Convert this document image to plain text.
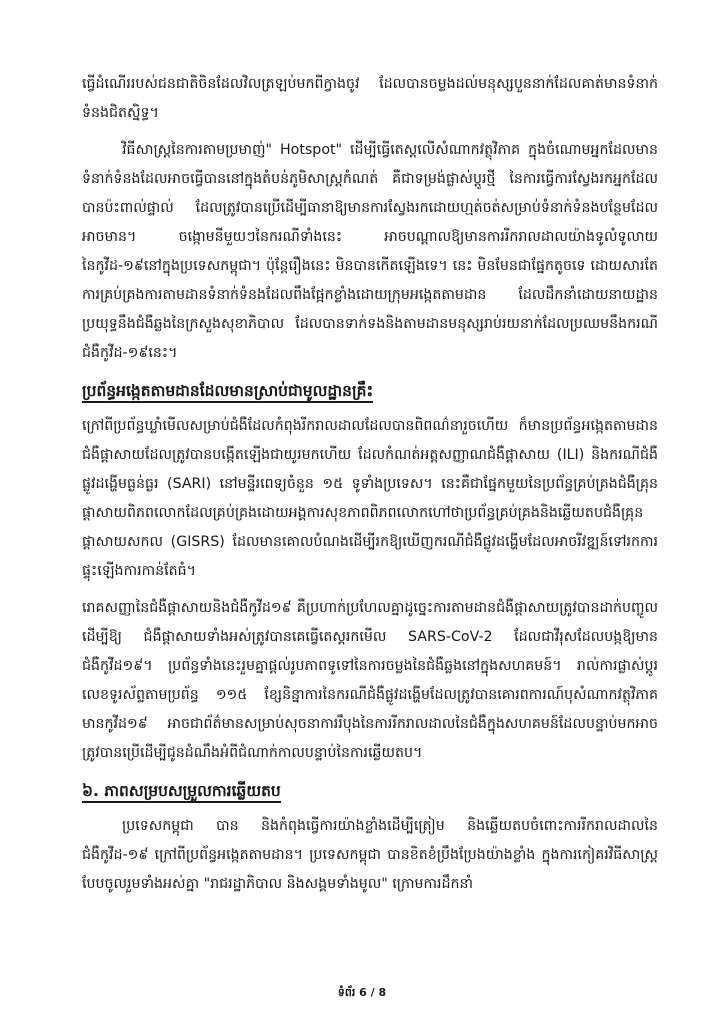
ធ្វើដំណើររបស់ជនជាតិចិនដែលវិលត្រឡប់មកពីក្វាងចូវ ដែលបានចម្លងដល់មនុស្សបួននាក់ដែលគាត់មានទំនាក់ទំនងជិតស្និទ្ធ។

វិធីសាស្ត្រនៃការតាមប្រមាញ់" Hotspot" ដើម្បីធ្វើតេស្តលើសំណាកវត្ថុវិភាគ ក្នុងចំណោមអ្នកដែលមានទំនាក់ទំនងដែលអាចធ្វើបាននៅក្នុងតំបន់ភូមិសាស្ត្រកំណត់ គឺជាទម្រង់ផ្លាស់ប្តូរថ្មី នៃការធ្វើការស្វែងរកអ្នកដែលបានប៉ះពាល់ផ្ទាល់ ដែលត្រូវបានប្រើដើម្បីធានាឱ្យមានការស្វែងរកដោយហ្មត់ចត់សម្រាប់ទំនាក់ទំនងបន្ថែមដែលអាចមាន។ ចង្កោមនីមួយៗនៃករណីទាំងនេះ អាចបណ្តាលឱ្យមានការរីករាលដាលយ៉ាងទូលំទូលាយនៃកូវីដ-១៩នៅក្នុងប្រទេសកម្ពុជា។ ប៉ុន្តែរឿងនេះ មិនបានកើតឡើងទេ។ នេះ មិនមែនជាផ្នែកតូចទេ ដោយសារតែការគ្រប់គ្រងការតាមដានទំនាក់ទំនងដែលពឹងផ្អែកខ្លាំងដោយក្រុមអង្កេតតាមដាន ដែលដឹកនាំដោយនាយដ្ឋានប្រយុទ្ធនឹងជំងឺឆ្លងនៃក្រសួងសុខាភិបាល ដែលបានទាក់ទងនិងតាមដានមនុស្សរាប់រយនាក់ដែលប្រឈមនឹងករណីជំងឺកូវីដ-១៩នេះ។

ប្រព័ន្ធអង្កេតតាមដានដែលមានស្រាប់ជាមូលដ្ឋានគ្រឹះ

ក្រៅពីប្រព័ន្ធឃ្លាំមើលសម្រាប់ជំងឺដែលកំពុងរីករាលដាលដែលបានពិពណ៌នារួចហើយ ក៏មានប្រព័ន្ធអង្កេតតាមដានជំងឺផ្តាសាយដែលត្រូវបានបង្កើតឡើងជាយូរមកហើយ ដែលកំណត់អត្តសញ្ញាណជំងឺផ្តាសាយ (ILI) និងករណីជំងឺផ្លូវដង្ហើមធ្ងន់ធ្ងរ (SARI) នៅមន្ទីរពេទ្យចំនួន ១៥ ទូទាំងប្រទេស។ នេះគឺជាផ្នែកមួយនៃប្រព័ន្ធគ្រប់គ្រងជំងឺគ្រុនផ្តាសាយពិភពលោកដែលគ្រប់គ្រងដោយអង្គការសុខភាពពិភពលោកហៅថាប្រព័ន្ធគ្រប់គ្រងនិងឆ្លើយតបជំងឺគ្រុនផ្តាសាយសកល (GISRS) ដែលមានគោលបំណងដើម្បីរកឱ្យឃើញករណីជំងឺផ្លូវដង្ហើមដែលអាចរីវឌ្ឍន៍ទៅរកការផ្ទុះឡើងការកាន់តែធំ។

រោគសញ្ញានៃជំងឺផ្តាសាយនិងជំងឺកូវីដ១៩ គឺប្រហាក់ប្រហែលគ្នាដូច្នេះការតាមដានជំងឺផ្តាសាយត្រូវបានដាក់បញ្ចូលដើម្បីឱ្យ ជំងឺផ្តាសាយទាំងអស់ត្រូវបានគេធ្វើតេស្តរកមើល SARS-CoV-2 ដែលជាវីរុសដែលបង្កឱ្យមានជំងឺកូវីដ១៩។ ប្រព័ន្ធទាំងនេះរួមគ្នាផ្តល់រូបភាពទូទៅនៃការចម្លងនៃជំងឺឆ្លងនៅក្នុងសហគមន៍។ រាល់ការផ្លាស់ប្តូរលេខទូរស័ព្ទតាមប្រព័ន្ធ ១១៥ ខ្សែនិន្នាការនៃករណីជំងឺផ្លូវដង្ហើមដែលត្រូវបានគោរពការណ៍បុសំណាកវត្ថុវិភាគមានកូវីដ១៩ អាចជាព័ត៌មានសម្រាប់សុចនាការរឹបុងនៃការរីករាលដាលនៃជំងឺក្នុងសហគមន៍ដែលបន្ទាប់មកអាចត្រូវបានប្រើដើម្បីជូនដំណឹងអំពីជំណាក់កាលបន្ទាប់នៃការឆ្លើយតប។

៦. ភាពសម្របសម្រួលការឆ្លើយតប

ប្រទេសកម្ពុជា បាន និងកំពុងធ្វើការយ៉ាងខ្លាំងដើម្បីត្រៀម និងឆ្លើយតបចំពោះការរីករាលដាលនៃជំងឺកូវីដ-១៩ ក្រៅពីប្រព័ន្ធអង្កេតតាមដាន។ ប្រទេសកម្ពុជា បានខិតខំប្រឹងប្រែងយ៉ាងខ្លាំង ក្នុងការកៀគរវិធីសាស្ត្របែបចូលរួមទាំងអស់គ្នា "រាជរដ្ឋាភិបាល និងសង្គមទាំងមូល" ក្រោមការដឹកនាំ

ទំព័រ 6 / 8
